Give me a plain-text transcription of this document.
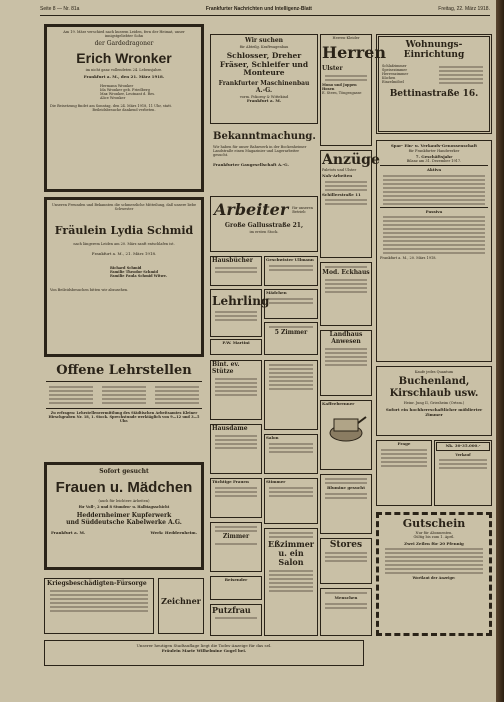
Seite 8 — Nr. 81a	Frankfurter Nachrichten und Intelligenz-Blatt	Freitag, 22. März 1918.
Am 19. März verschied nach kurzem Leiden, fern der Heimat, unser innigstgeliebter Sohn
der Gardedragoner
Erich Wronker
im nicht ganz vollendeten 24. Lebensjahre.
Frankfurt a. M., den 21. März 1918.
Hermann Wronker
Ida Wronker geb. Friedberg
Max Wronker, Leutnant d. Res.
Alice Wronker
Die Beisetzung findet am Sonntag, den 24. März 1918, 11 Uhr, statt.
Beileidsbesuche dankend verbeten.
Unseren Freunden und Bekannten die schmerzliche Mitteilung, daß unsere liebe Schwester
Fräulein Lydia Schmid
nach längerem Leiden am 20. März sanft entschlafen ist.
Frankfurt a. M., 21. März 1918.
Richard Schmid
Familie Theodor Schmid
Familie Paula Schmid Witwe.
Von Beileidsbesuchen bitten wir abzusehen.
Offene Lehrstellen
Zu erfragen: Lehrstellenvermittlung des Städtischen Arbeitsamtes Kleiner Hirschgraben Nr. 18, 1. Stock. Sprechstunde werktäglich von 9—12 und 3—5 Uhr.
Sofort gesucht
Frauen u. Mädchen
(auch für leichtere Arbeiten)
für Voll-, 2 und 8 Stunden- u. Halbtagsschicht
Heddernheimer Kupferwerk
und Süddeutsche Kabelwerke A.G.
Frankfurt a. M.	Werk: Heddernheim.
Kriegsbeschädigten-Fürsorge
Zeichner
Unserer heutigen Stadtauflage liegt die Todes-Anzeige für das sel.
Fräulein Marie Wilhelmine Gogel bei.
Wir suchen
für Abteilg. Kraftwagenbau
Schlosser, Dreher Fräser, Schleifer und Monteure
Frankfurter Maschinenbau A.-G.
vorm. Pokorny & Wittekind
Frankfurt a. M.
Bekanntmachung.
Wir haben für unser Bahnwerk in der Bockenheimer Landstraße einen Magazinier und Lagerarbeiter gesucht.
Frankfurter Gaugesellschaft A.-G.
Arbeiter für unseren Betrieb
Große Gallusstraße 21,
im ersten Stock.
Hausbücher	Geschwister Ullmann
Lehrling
P.W. Martini
Mädchen
5 Zimmer
Bint. ev. Stütze
Hausdame
Tüchtige Frauen
Zimmer
Reisender
Putzfrau
Salon
Stimmer
Eßzimmer u. ein Salon
Herren-Kleider
Herren
Ulster
Mono und Joppen
Hosen
E. Stern, Töngesgasse
Anzüge
Paletots und Ulster
Nah-Arbeiten
Schillerstraße 11
Mod. Eckhaus
Landhaus Anwesen
Kaffeebrenner
Blumine gesucht
Stores
Menschen
Wohnungs-Einrichtung
Schlafzimmer
Speisezimmer
Herrenzimmer
Küchen
Einzelmöbel
Bettinastraße 16.
Spar- Ein- u. Verkaufs-Genossenschaft
für Frankfurter Handwerker
7. Geschäftsjahr
Bilanz am 31. Dezember 1917.
Aktiva
Passiva
Frankfurt a. M., 20. März 1918.
Kaufe jedes Quantum
Buchenland, Kirschlaub usw.
Heinr. Jung II, Griesheim (Ortsm.)
Sofort ein hochherrschaftlicher möblierter Zimmer
Frage	Nk. 30-35.000.-
Verkauf
Gutschein
Nur für Abonnenten.
Gültig bis zum 1. April.
Zwei Zeilen für 20 Pfennig
Wortlaut der Anzeige:
